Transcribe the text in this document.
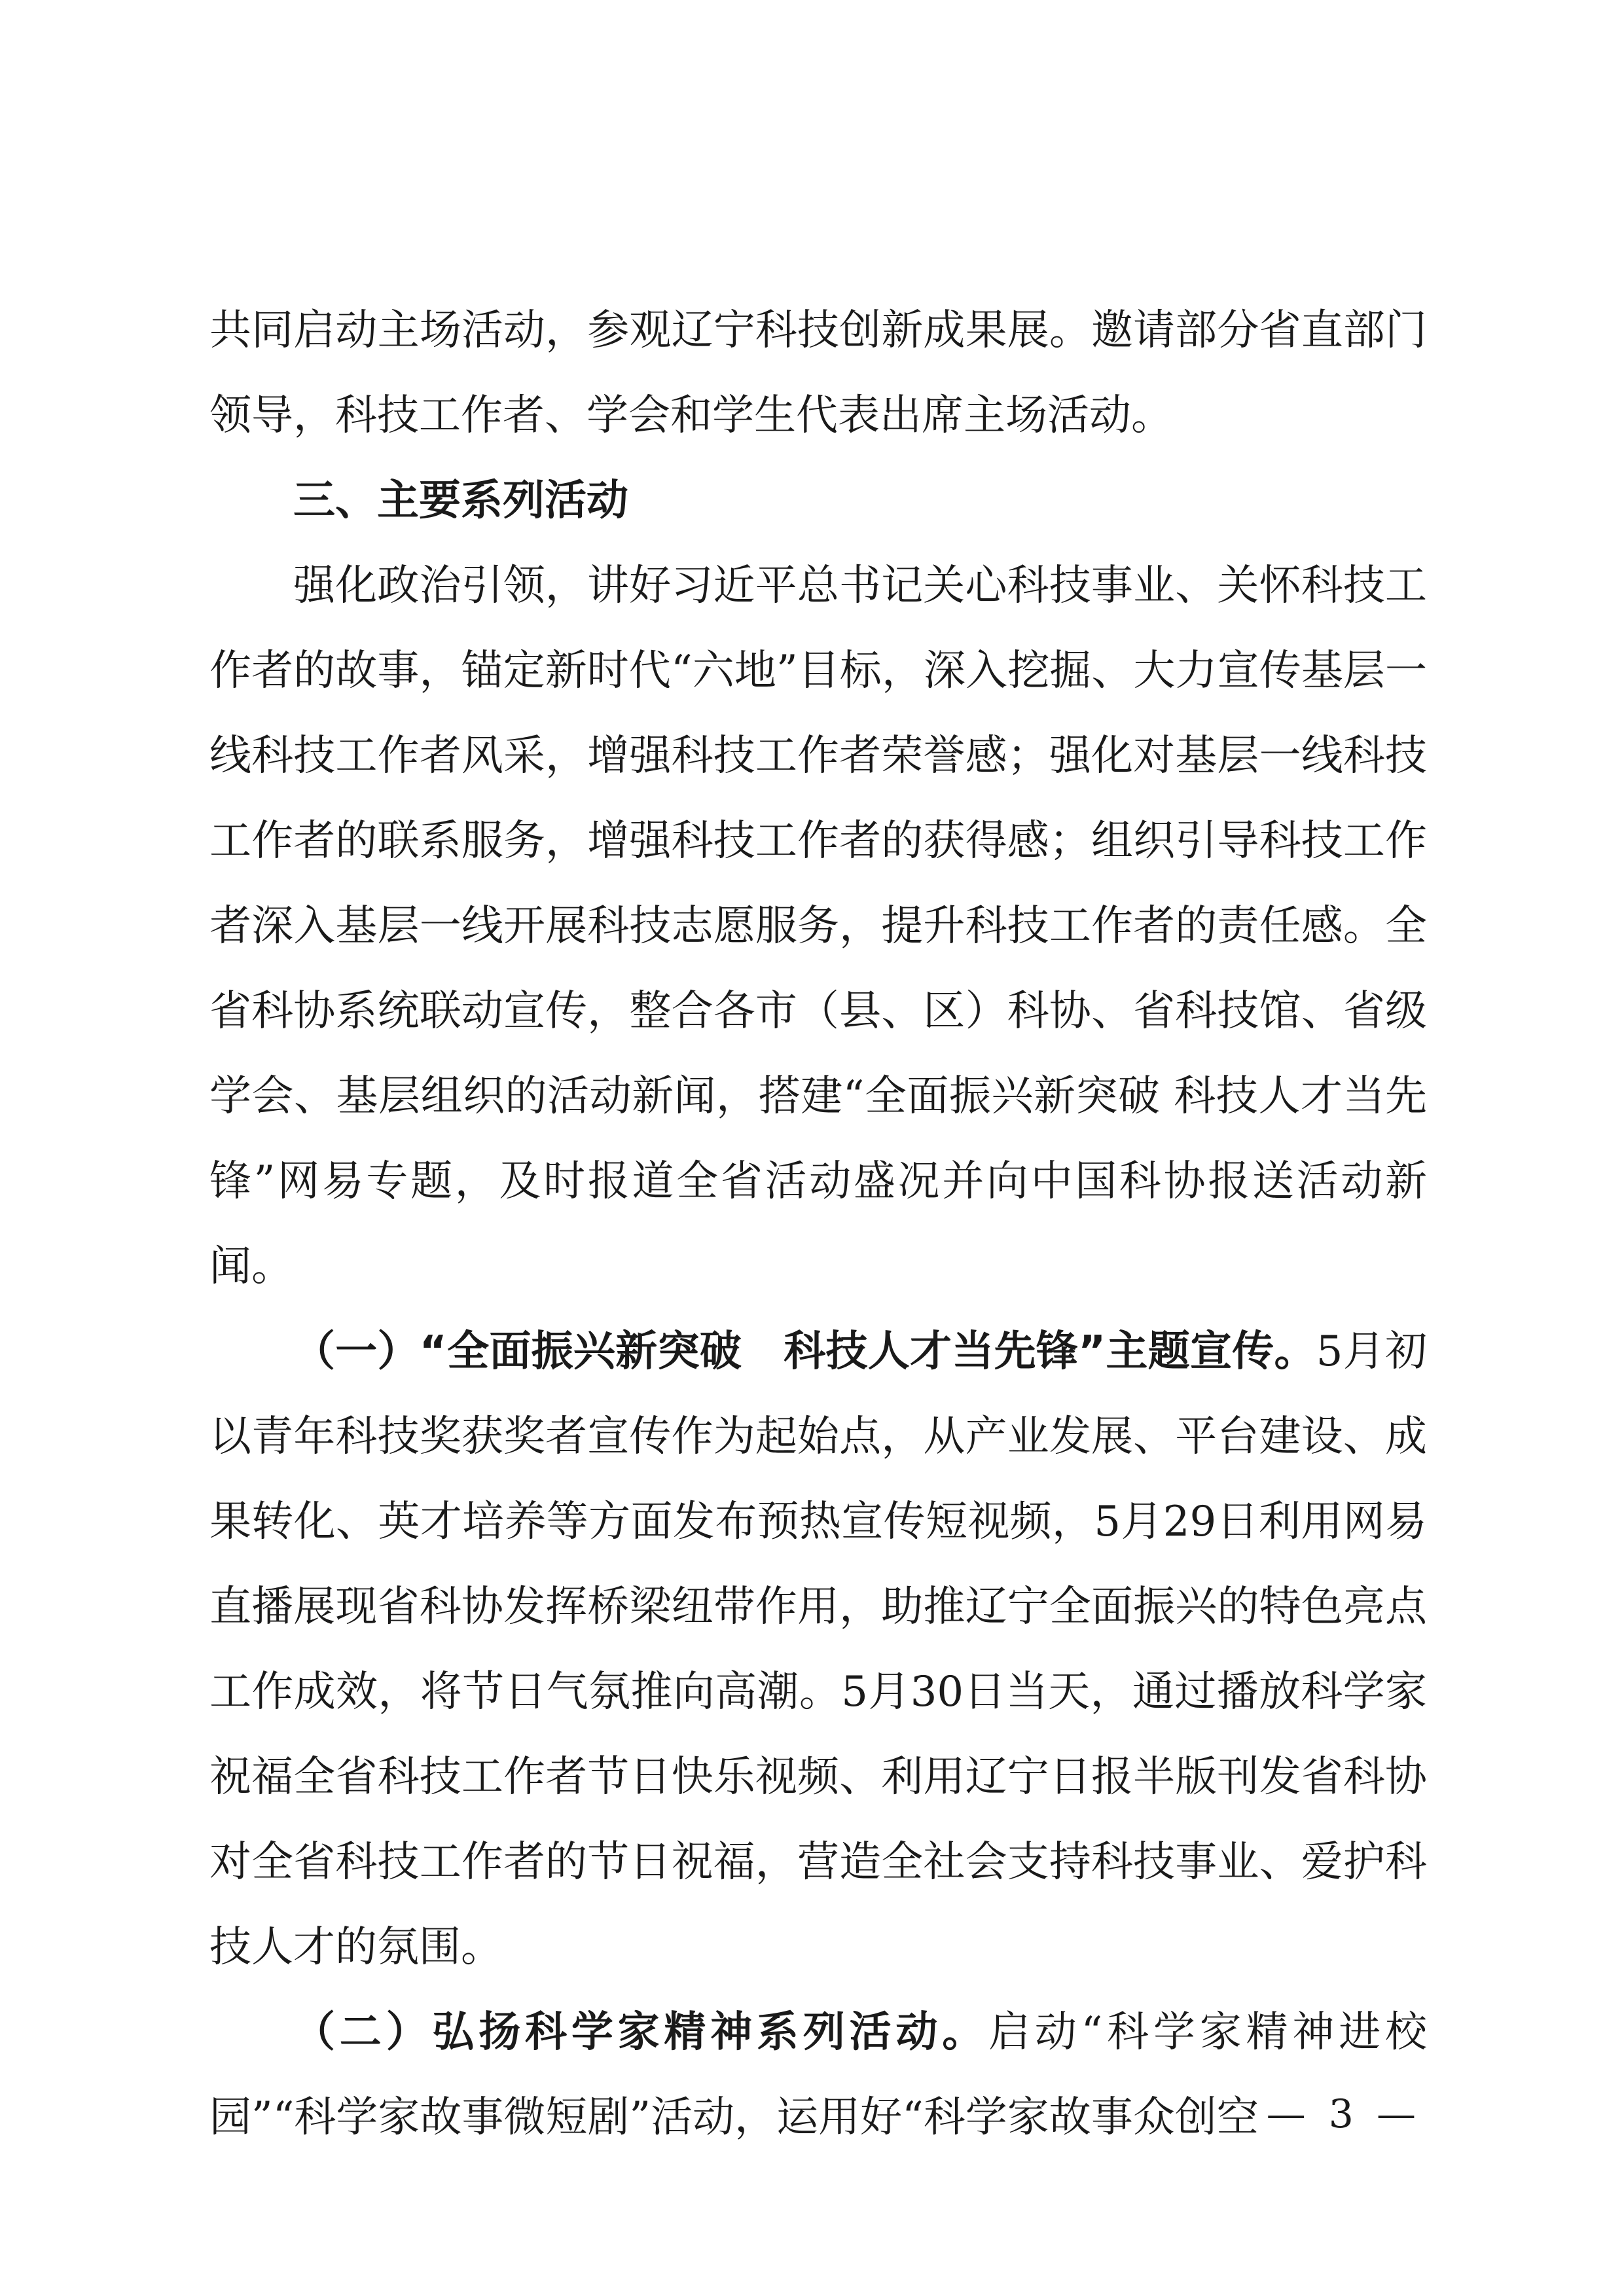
共同启动主场活动，参观辽宁科技创新成果展。邀请部分省直部门领导，科技工作者、学会和学生代表出席主场活动。

三、主要系列活动

强化政治引领，讲好习近平总书记关心科技事业、关怀科技工作者的故事，锚定新时代“六地”目标，深入挖掘、大力宣传基层一线科技工作者风采，增强科技工作者荣誉感；强化对基层一线科技工作者的联系服务，增强科技工作者的获得感；组织引导科技工作者深入基层一线开展科技志愿服务，提升科技工作者的责任感。全省科协系统联动宣传，整合各市（县、区）科协、省科技馆、省级学会、基层组织的活动新闻，搭建“全面振兴新突破 科技人才当先锋”网易专题，及时报道全省活动盛况并向中国科协报送活动新闻。

（一）“全面振兴新突破　科技人才当先锋”主题宣传。5月初以青年科技奖获奖者宣传作为起始点，从产业发展、平台建设、成果转化、英才培养等方面发布预热宣传短视频，5月29日利用网易直播展现省科协发挥桥梁纽带作用，助推辽宁全面振兴的特色亮点工作成效，将节日气氛推向高潮。5月30日当天，通过播放科学家祝福全省科技工作者节日快乐视频、利用辽宁日报半版刊发省科协对全省科技工作者的节日祝福，营造全社会支持科技事业、爱护科技人才的氛围。

（二）弘扬科学家精神系列活动。启动“科学家精神进校园”“科学家故事微短剧”活动，运用好“科学家故事众创空 — 3 —
